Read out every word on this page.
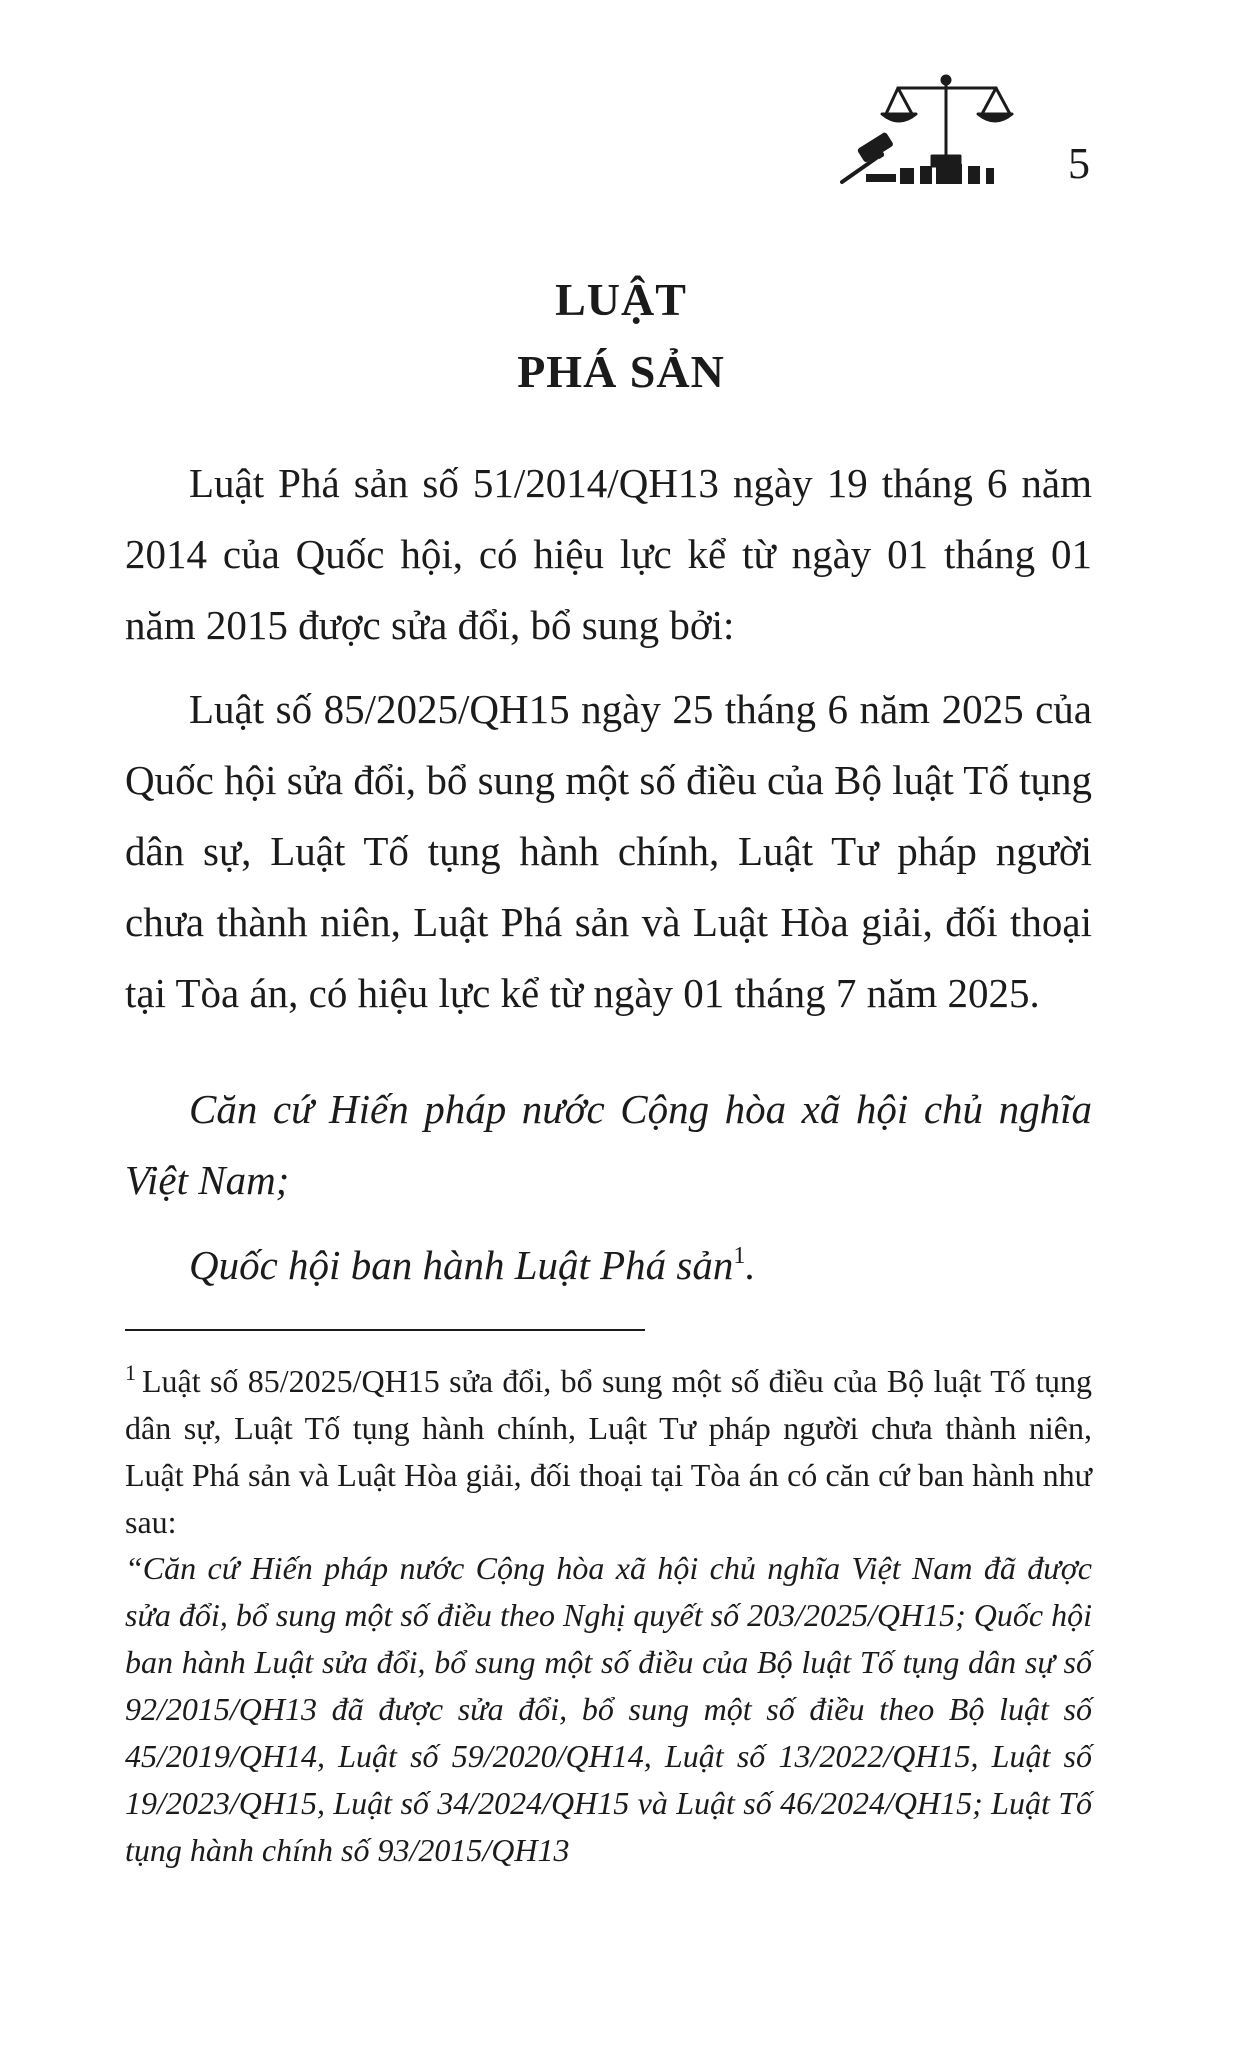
5
LUẬT
PHÁ SẢN

Luật Phá sản số 51/2014/QH13 ngày 19 tháng 6 năm 2014 của Quốc hội, có hiệu lực kể từ ngày 01 tháng 01 năm 2015 được sửa đổi, bổ sung bởi:

Luật số 85/2025/QH15 ngày 25 tháng 6 năm 2025 của Quốc hội sửa đổi, bổ sung một số điều của Bộ luật Tố tụng dân sự, Luật Tố tụng hành chính, Luật Tư pháp người chưa thành niên, Luật Phá sản và Luật Hòa giải, đối thoại tại Tòa án, có hiệu lực kể từ ngày 01 tháng 7 năm 2025.

Căn cứ Hiến pháp nước Cộng hòa xã hội chủ nghĩa Việt Nam;

Quốc hội ban hành Luật Phá sản$^1$.

$^1$ Luật số 85/2025/QH15 sửa đổi, bổ sung một số điều của Bộ luật Tố tụng dân sự, Luật Tố tụng hành chính, Luật Tư pháp người chưa thành niên, Luật Phá sản và Luật Hòa giải, đối thoại tại Tòa án có căn cứ ban hành như sau:

“Căn cứ Hiến pháp nước Cộng hòa xã hội chủ nghĩa Việt Nam đã được sửa đổi, bổ sung một số điều theo Nghị quyết số 203/2025/QH15; Quốc hội ban hành Luật sửa đổi, bổ sung một số điều của Bộ luật Tố tụng dân sự số 92/2015/QH13 đã được sửa đổi, bổ sung một số điều theo Bộ luật số 45/2019/QH14, Luật số 59/2020/QH14, Luật số 13/2022/QH15, Luật số 19/2023/QH15, Luật số 34/2024/QH15 và Luật số 46/2024/QH15; Luật Tố tụng hành chính số 93/2015/QH13
